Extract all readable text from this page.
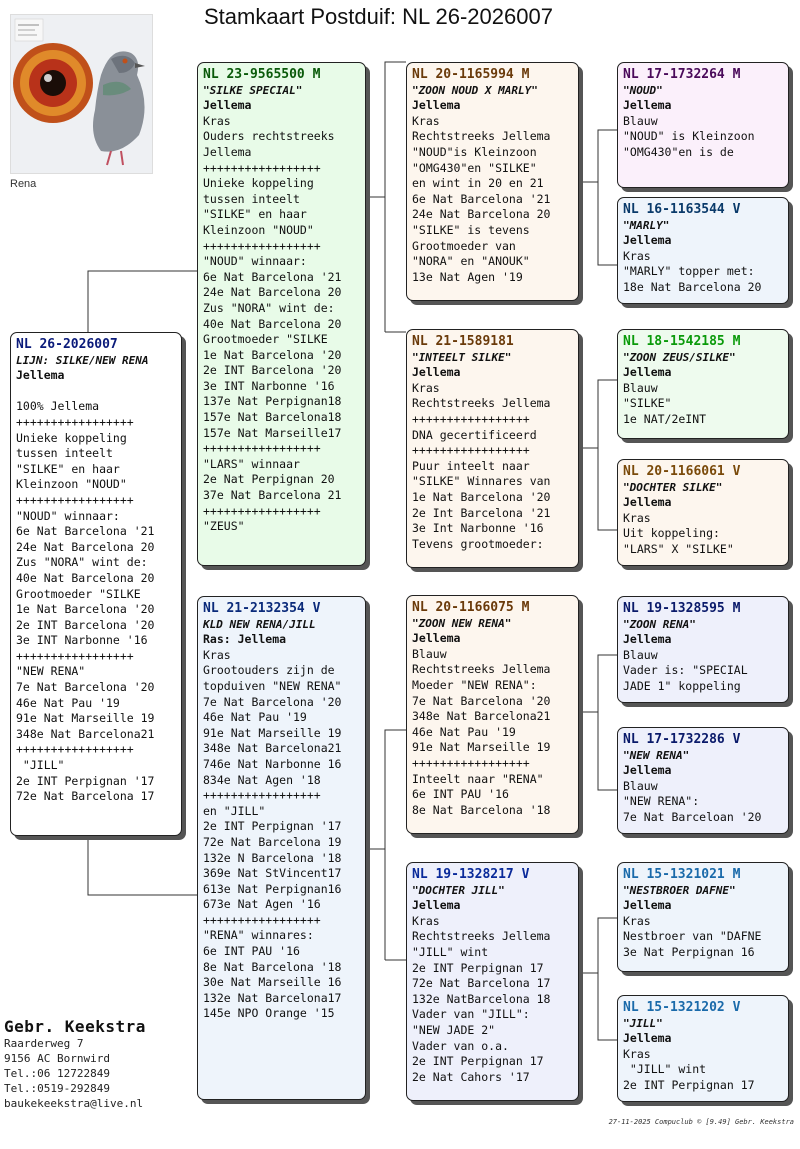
Stamkaart Postduif: NL 26-2026007
Rena
NL 26-2026007
LIJN: SILKE/NEW RENA
Jellema

100% Jellema
+++++++++++++++++
Unieke koppeling
tussen inteelt
"SILKE" en haar
Kleinzoon "NOUD"
+++++++++++++++++
"NOUD" winnaar:
6e Nat Barcelona '21
24e Nat Barcelona 20
Zus "NORA" wint de:
40e Nat Barcelona 20
Grootmoeder "SILKE
1e Nat Barcelona '20
2e INT Barcelona '20
3e INT Narbonne '16
+++++++++++++++++
"NEW RENA"
7e Nat Barcelona '20
46e Nat Pau '19
91e Nat Marseille 19
348e Nat Barcelona21
+++++++++++++++++
"JILL"
2e INT Perpignan '17
72e Nat Barcelona 17
NL 23-9565500 M
"SILKE SPECIAL"
Jellema
Kras
Ouders rechtstreeks
Jellema
+++++++++++++++++
Unieke koppeling
tussen inteelt
"SILKE" en haar
Kleinzoon "NOUD"
+++++++++++++++++
"NOUD" winnaar:
6e Nat Barcelona '21
24e Nat Barcelona 20
Zus "NORA" wint de:
40e Nat Barcelona 20
Grootmoeder "SILKE
1e Nat Barcelona '20
2e INT Barcelona '20
3e INT Narbonne '16
137e Nat Perpignan18
157e Nat Barcelona18
157e Nat Marseille17
+++++++++++++++++
"LARS" winnaar
2e Nat Perpignan 20
37e Nat Barcelona 21
+++++++++++++++++
"ZEUS"
NL 21-2132354 V
KLD NEW RENA/JILL
Ras: Jellema
Kras
Grootouders zijn de
topduiven "NEW RENA"
7e Nat Barcelona '20
46e Nat Pau '19
91e Nat Marseille 19
348e Nat Barcelona21
746e Nat Narbonne 16
834e Nat Agen '18
+++++++++++++++++
en "JILL"
2e INT Perpignan '17
72e Nat Barcelona 19
132e N Barcelona '18
369e Nat StVincent17
613e Nat Perpignan16
673e Nat Agen '16
+++++++++++++++++
"RENA" winnares:
6e INT PAU '16
8e Nat Barcelona '18
30e Nat Marseille 16
132e Nat Barcelona17
145e NPO Orange '15
NL 20-1165994 M
"ZOON NOUD X MARLY"
Jellema
Kras
Rechtstreeks Jellema
"NOUD"is Kleinzoon
"OMG430"en "SILKE"
en wint in 20 en 21
6e Nat Barcelona '21
24e Nat Barcelona 20
"SILKE" is tevens
Grootmoeder van
"NORA" en "ANOUK"
13e Nat Agen '19
NL 21-1589181
"INTEELT SILKE"
Jellema
Kras
Rechtstreeks Jellema
+++++++++++++++++
DNA gecertificeerd
+++++++++++++++++
Puur inteelt naar
"SILKE" Winnares van
1e Nat Barcelona '20
2e Int Barcelona '21
3e Int Narbonne '16
Tevens grootmoeder:
NL 20-1166075 M
"ZOON NEW RENA"
Jellema
Blauw
Rechtstreeks Jellema
Moeder "NEW RENA":
7e Nat Barcelona '20
348e Nat Barcelona21
46e Nat Pau '19
91e Nat Marseille 19
+++++++++++++++++
Inteelt naar "RENA"
6e INT PAU '16
8e Nat Barcelona '18
NL 19-1328217 V
"DOCHTER JILL"
Jellema
Kras
Rechtstreeks Jellema
"JILL" wint
2e INT Perpignan 17
72e Nat Barcelona 17
132e NatBarcelona 18
Vader van "JILL":
"NEW JADE 2"
Vader van o.a.
2e INT Perpignan 17
2e Nat Cahors '17
NL 17-1732264 M
"NOUD"
Jellema
Blauw
"NOUD" is Kleinzoon
"OMG430"en is de
NL 16-1163544 V
"MARLY"
Jellema
Kras
"MARLY" topper met:
18e Nat Barcelona 20
NL 18-1542185 M
"ZOON ZEUS/SILKE"
Jellema
Blauw
"SILKE"
1e NAT/2eINT
NL 20-1166061 V
"DOCHTER SILKE"
Jellema
Kras
Uit koppeling:
"LARS" X "SILKE"
NL 19-1328595 M
"ZOON RENA"
Jellema
Blauw
Vader is: "SPECIAL
JADE 1" koppeling
NL 17-1732286 V
"NEW RENA"
Jellema
Blauw
"NEW RENA":
7e Nat Barceloan '20
NL 15-1321021 M
"NESTBROER DAFNE"
Jellema
Kras
Nestbroer van "DAFNE
3e Nat Perpignan 16
NL 15-1321202 V
"JILL"
Jellema
Kras
"JILL" wint
2e INT Perpignan 17
Gebr. Keekstra
Raarderweg 7
9156 AC Bornwird
Tel.:06 12722849
Tel.:0519-292849
baukekeekstra@live.nl
27-11-2025 Compuclub © [9.49] Gebr. Keekstra
